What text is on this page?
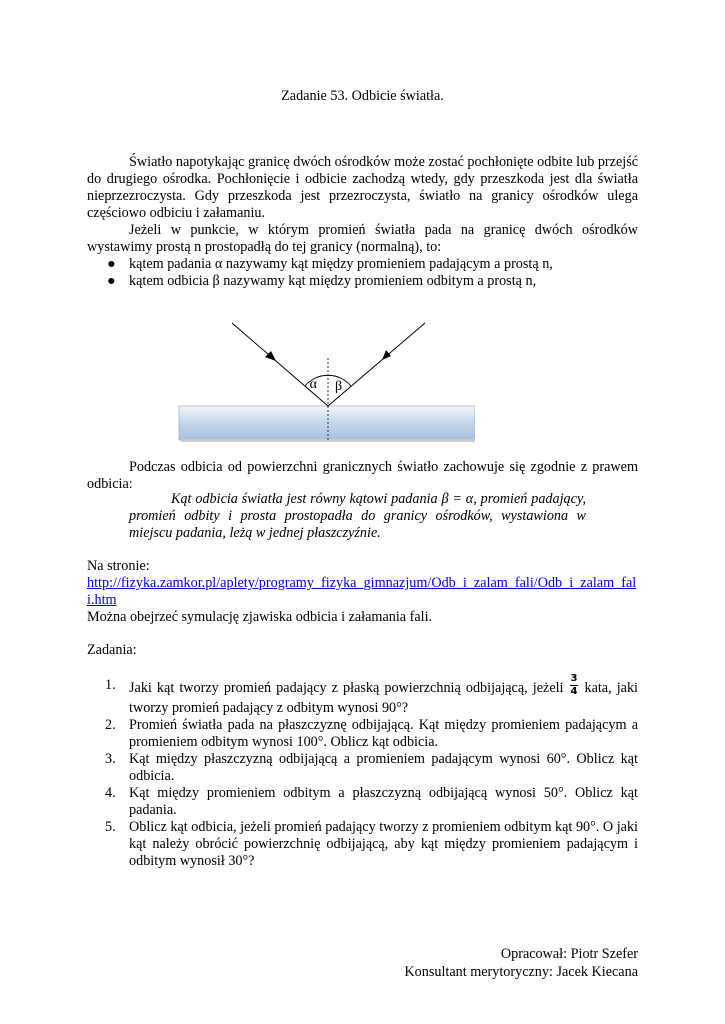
Zadanie 53. Odbicie światła.
Światło napotykając granicę dwóch ośrodków może zostać pochłonięte odbite lub przejść do drugiego ośrodka. Pochłonięcie i odbicie zachodzą wtedy, gdy przeszkoda jest dla światła nieprzezroczysta. Gdy przeszkoda jest przezroczysta, światło na granicy ośrodków ulega częściowo odbiciu i załamaniu.
Jeżeli w punkcie, w którym promień światła pada na granicę dwóch ośrodków wystawimy prostą n prostopadłą do tej granicy (normalną), to:
● kątem padania α nazywamy kąt między promieniem padającym a prostą n,
● kątem odbicia β nazywamy kąt między promieniem odbitym a prostą n,
α β
Podczas odbicia od powierzchni granicznych światło zachowuje się zgodnie z prawem odbicia:
Kąt odbicia światła jest równy kątowi padania β = α, promień padający, promień odbity i prosta prostopadła do granicy ośrodków, wystawiona w miejscu padania, leżą w jednej płaszczyźnie.
Na stronie:
http://fizyka.zamkor.pl/aplety/programy_fizyka_gimnazjum/Odb_i_zalam_fali/Odb_i_zalam_fali.htm
Można obejrzeć symulację zjawiska odbicia i załamania fali.
Zadania:
1. Jaki kąt tworzy promień padający z płaską powierzchnią odbijającą, jeżeli $\frac{3}{4}$ kata, jaki tworzy promień padający z odbitym wynosi 90°?
2. Promień światła pada na płaszczyznę odbijającą. Kąt między promieniem padającym a promieniem odbitym wynosi 100°. Oblicz kąt odbicia.
3. Kąt między płaszczyzną odbijającą a promieniem padającym wynosi 60°. Oblicz kąt odbicia.
4. Kąt między promieniem odbitym a płaszczyzną odbijającą wynosi 50°. Oblicz kąt padania.
5. Oblicz kąt odbicia, jeżeli promień padający tworzy z promieniem odbitym kąt 90°. O jaki kąt należy obrócić powierzchnię odbijającą, aby kąt między promieniem padającym i odbitym wynosił 30°?
Opracował: Piotr Szefer
Konsultant merytoryczny: Jacek Kiecana
